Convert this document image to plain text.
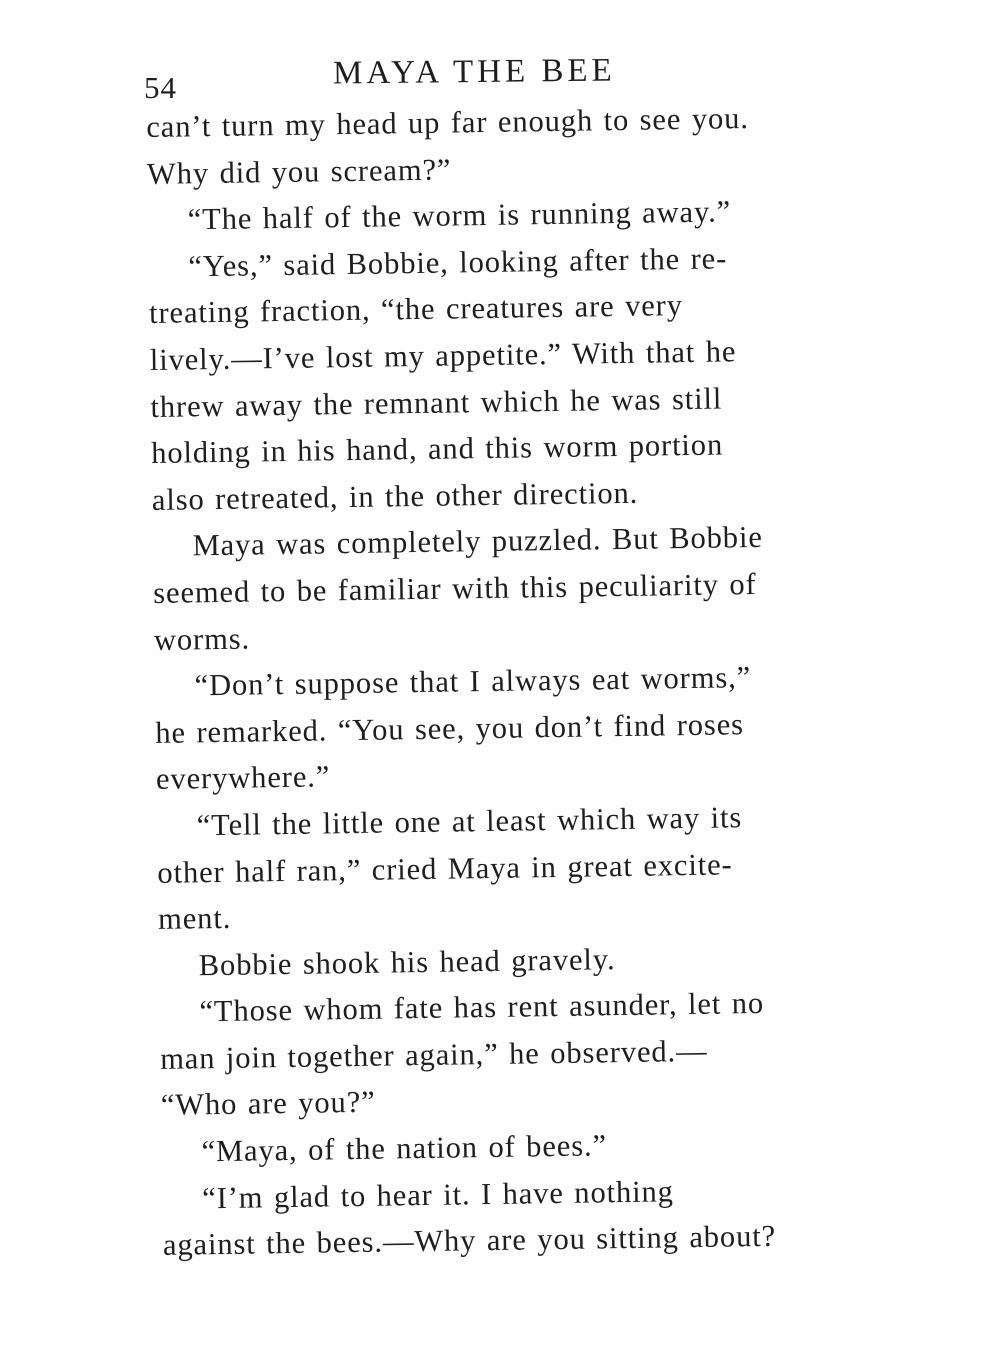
54	MAYA THE BEE
can’t turn my head up far enough to see you.
Why did you scream?”
“The half of the worm is running away.”
“Yes,” said Bobbie, looking after the re-
treating fraction, “the creatures are very
lively.—I’ve lost my appetite.” With that he
threw away the remnant which he was still
holding in his hand, and this worm portion
also retreated, in the other direction.
Maya was completely puzzled. But Bobbie
seemed to be familiar with this peculiarity of
worms.
“Don’t suppose that I always eat worms,”
he remarked. “You see, you don’t find roses
everywhere.”
“Tell the little one at least which way its
other half ran,” cried Maya in great excite-
ment.
Bobbie shook his head gravely.
“Those whom fate has rent asunder, let no
man join together again,” he observed.—
“Who are you?”
“Maya, of the nation of bees.”
“I’m glad to hear it. I have nothing
against the bees.—Why are you sitting about?
